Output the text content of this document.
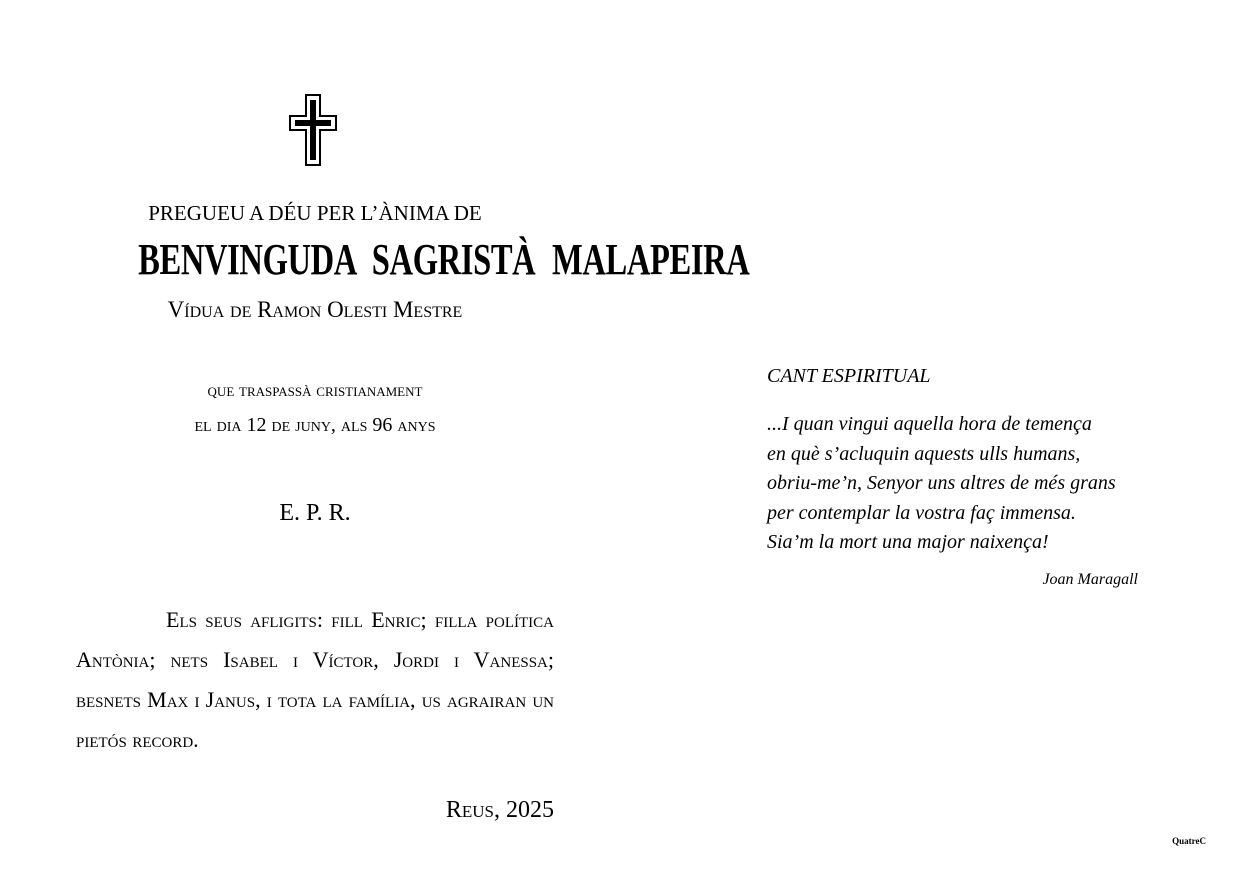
PREGUEU A DÉU PER L’ÀNIMA DE
BENVINGUDA SAGRISTÀ MALAPEIRA
Vídua de Ramon Olesti Mestre
que traspassà cristianament
el dia 12 de juny, als 96 anys
E. P. R.
Els seus afligits: fill Enric; filla política Antònia; nets Isabel i Víctor, Jordi i Vanessa; besnets Max i Janus, i tota la família, us agrairan un pietós record.
Reus, 2025
CANT ESPIRITUAL
...I quan vingui aquella hora de temença
en què s’acluquin aquests ulls humans,
obriu-me’n, Senyor uns altres de més grans
per contemplar la vostra faç immensa.
Sia’m la mort una major naixença!
Joan Maragall
QuatreC
